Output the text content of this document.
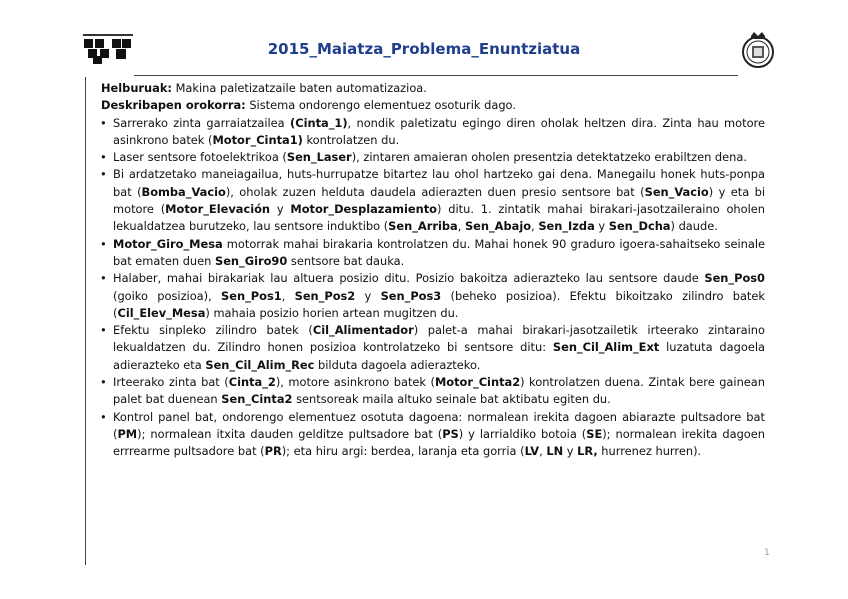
2015_Maiatza_Problema_Enuntziatua

Helburuak: Makina paletizatzaile baten automatizazioa.

Deskribapen orokorra: Sistema ondorengo elementuez osoturik dago.

• Sarrerako zinta garraiatzailea (Cinta_1), nondik paletizatu egingo diren oholak heltzen dira. Zinta hau motore asinkrono batek (Motor_Cinta1) kontrolatzen du.
• Laser sentsore fotoelektrikoa (Sen_Laser), zintaren amaieran oholen presentzia detektatzeko erabiltzen dena.
• Bi ardatzetako maneiagailua, huts-hurrupatze bitartez lau ohol hartzeko gai dena. Manegailu honek huts-ponpa bat (Bomba_Vacio), oholak zuzen helduta daudela adierazten duen presio sentsore bat (Sen_Vacio) y eta bi motore (Motor_Elevación y Motor_Desplazamiento) ditu. 1. zintatik mahai birakari-jasotzaileraino oholen lekualdatzea burutzeko, lau sentsore induktibo (Sen_Arriba, Sen_Abajo, Sen_Izda y Sen_Dcha) daude.
• Motor_Giro_Mesa motorrak mahai birakaria kontrolatzen du. Mahai honek 90 graduro igoera-sahaitseko seinale bat ematen duen Sen_Giro90 sentsore bat dauka.
• Halaber, mahai birakariak lau altuera posizio ditu. Posizio bakoitza adierazteko lau sentsore daude Sen_Pos0 (goiko posizioa), Sen_Pos1, Sen_Pos2 y Sen_Pos3 (beheko posizioa). Efektu bikoitzako zilindro batek (Cil_Elev_Mesa) mahaia posizio horien artean mugitzen du.
• Efektu sinpleko zilindro batek (Cil_Alimentador) palet-a mahai birakari-jasotzailetik irteerako zintaraino lekualdatzen du. Zilindro honen posizioa kontrolatzeko bi sentsore ditu: Sen_Cil_Alim_Ext luzatuta dagoela adierazteko eta Sen_Cil_Alim_Rec bilduta dagoela adierazteko.
• Irteerako zinta bat (Cinta_2), motore asinkrono batek (Motor_Cinta2) kontrolatzen duena. Zintak bere gainean palet bat duenean Sen_Cinta2 sentsoreak maila altuko seinale bat aktibatu egiten du.
• Kontrol panel bat, ondorengo elementuez osotuta dagoena: normalean irekita dagoen abiarazte pultsadore bat (PM); normalean itxita dauden gelditze pultsadore bat (PS) y larrialdiko botoia (SE); normalean irekita dagoen errrearme pultsadore bat (PR); eta hiru argi: berdea, laranja eta gorria (LV, LN y LR, hurrenez hurren).
1
